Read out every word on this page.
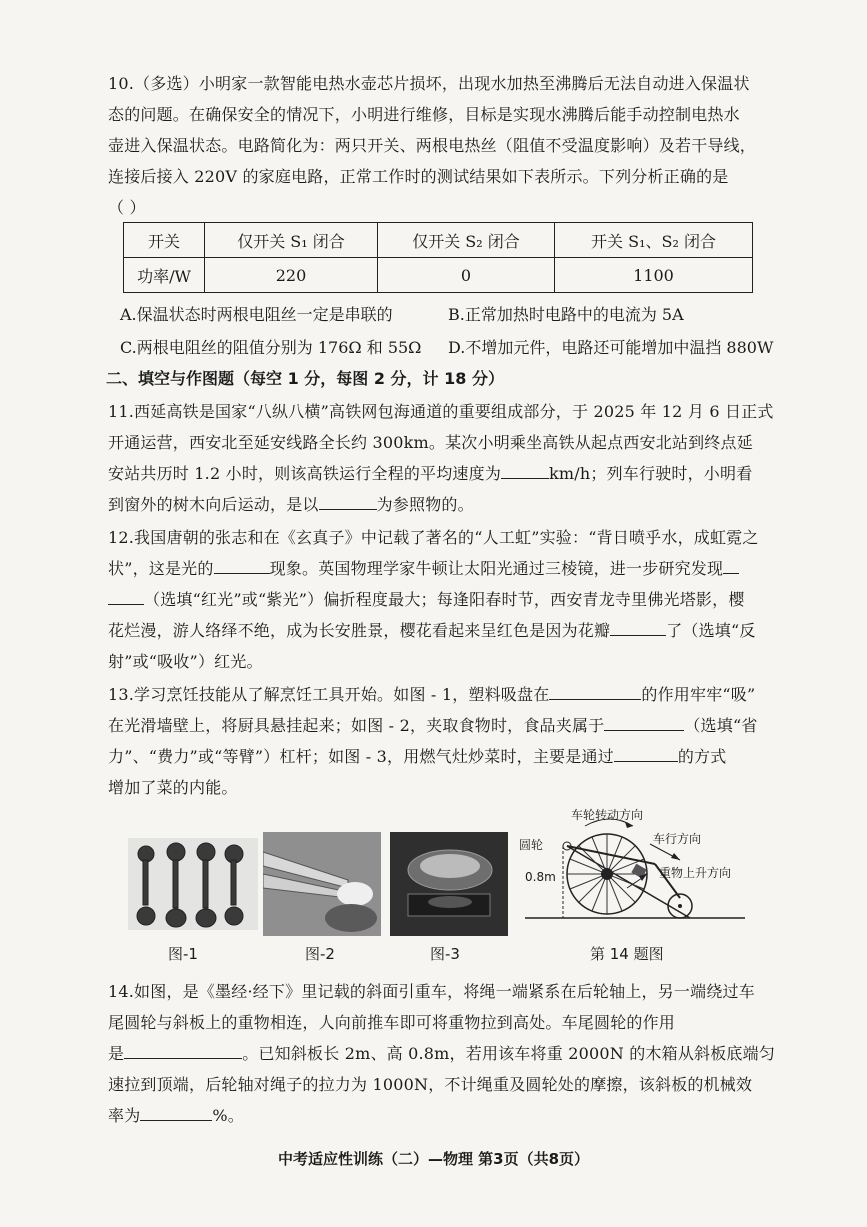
10.（多选）小明家一款智能电热水壶芯片损坏，出现水加热至沸腾后无法自动进入保温状
态的问题。在确保安全的情况下，小明进行维修，目标是实现水沸腾后能手动控制电热水
壶进入保温状态。电路简化为：两只开关、两根电热丝（阻值不受温度影响）及若干导线，
连接后接入 220V 的家庭电路，正常工作时的测试结果如下表所示。下列分析正确的是
（ ）
开关	仅开关 S₁ 闭合	仅开关 S₂ 闭合	开关 S₁、S₂ 闭合
功率/W	220	0	1100
A.保温状态时两根电阻丝一定是串联的	B.正常加热时电路中的电流为 5A
C.两根电阻丝的阻值分别为 176Ω 和 55Ω D.不增加元件，电路还可能增加中温挡 880W
二、填空与作图题（每空 1 分，每图 2 分，计 18 分）
11.西延高铁是国家“八纵八横”高铁网包海通道的重要组成部分，于 2025 年 12 月 6 日正式
开通运营，西安北至延安线路全长约 300km。某次小明乘坐高铁从起点西安北站到终点延
安站共历时 1.2 小时，则该高铁运行全程的平均速度为	km/h；列车行驶时，小明看
到窗外的树木向后运动，是以	为参照物的。
12.我国唐朝的张志和在《玄真子》中记载了著名的“人工虹”实验：“背日喷乎水，成虹霓之
状”，这是光的	现象。英国物理学家牛顿让太阳光通过三棱镜，进一步研究发现
（选填“红光”或“紫光”）偏折程度最大；每逢阳春时节，西安青龙寺里佛光塔影，樱
花烂漫，游人络绎不绝，成为长安胜景，樱花看起来呈红色是因为花瓣	了（选填“反
射”或“吸收”）红光。
13.学习烹饪技能从了解烹饪工具开始。如图 - 1，塑料吸盘在	的作用牢牢“吸”
在光滑墙壁上，将厨具悬挂起来；如图 - 2，夹取食物时，食品夹属于	（选填“省
力”、“费力”或“等臂”）杠杆；如图 - 3，用燃气灶炒菜时，主要是通过	的方式
增加了菜的内能。
图-1	图-2	图-3
车轮转动方向
车行方向
圆轮
0.8m	重物上升方向
第 14 题图
14.如图，是《墨经·经下》里记载的斜面引重车，将绳一端紧系在后轮轴上，另一端绕过车
尾圆轮与斜板上的重物相连，人向前推车即可将重物拉到高处。车尾圆轮的作用
是	。已知斜板长 2m、高 0.8m，若用该车将重 2000N 的木箱从斜板底端匀
速拉到顶端，后轮轴对绳子的拉力为 1000N，不计绳重及圆轮处的摩擦，该斜板的机械效
率为	%。
中考适应性训练（二）—物理 第3页（共8页）
